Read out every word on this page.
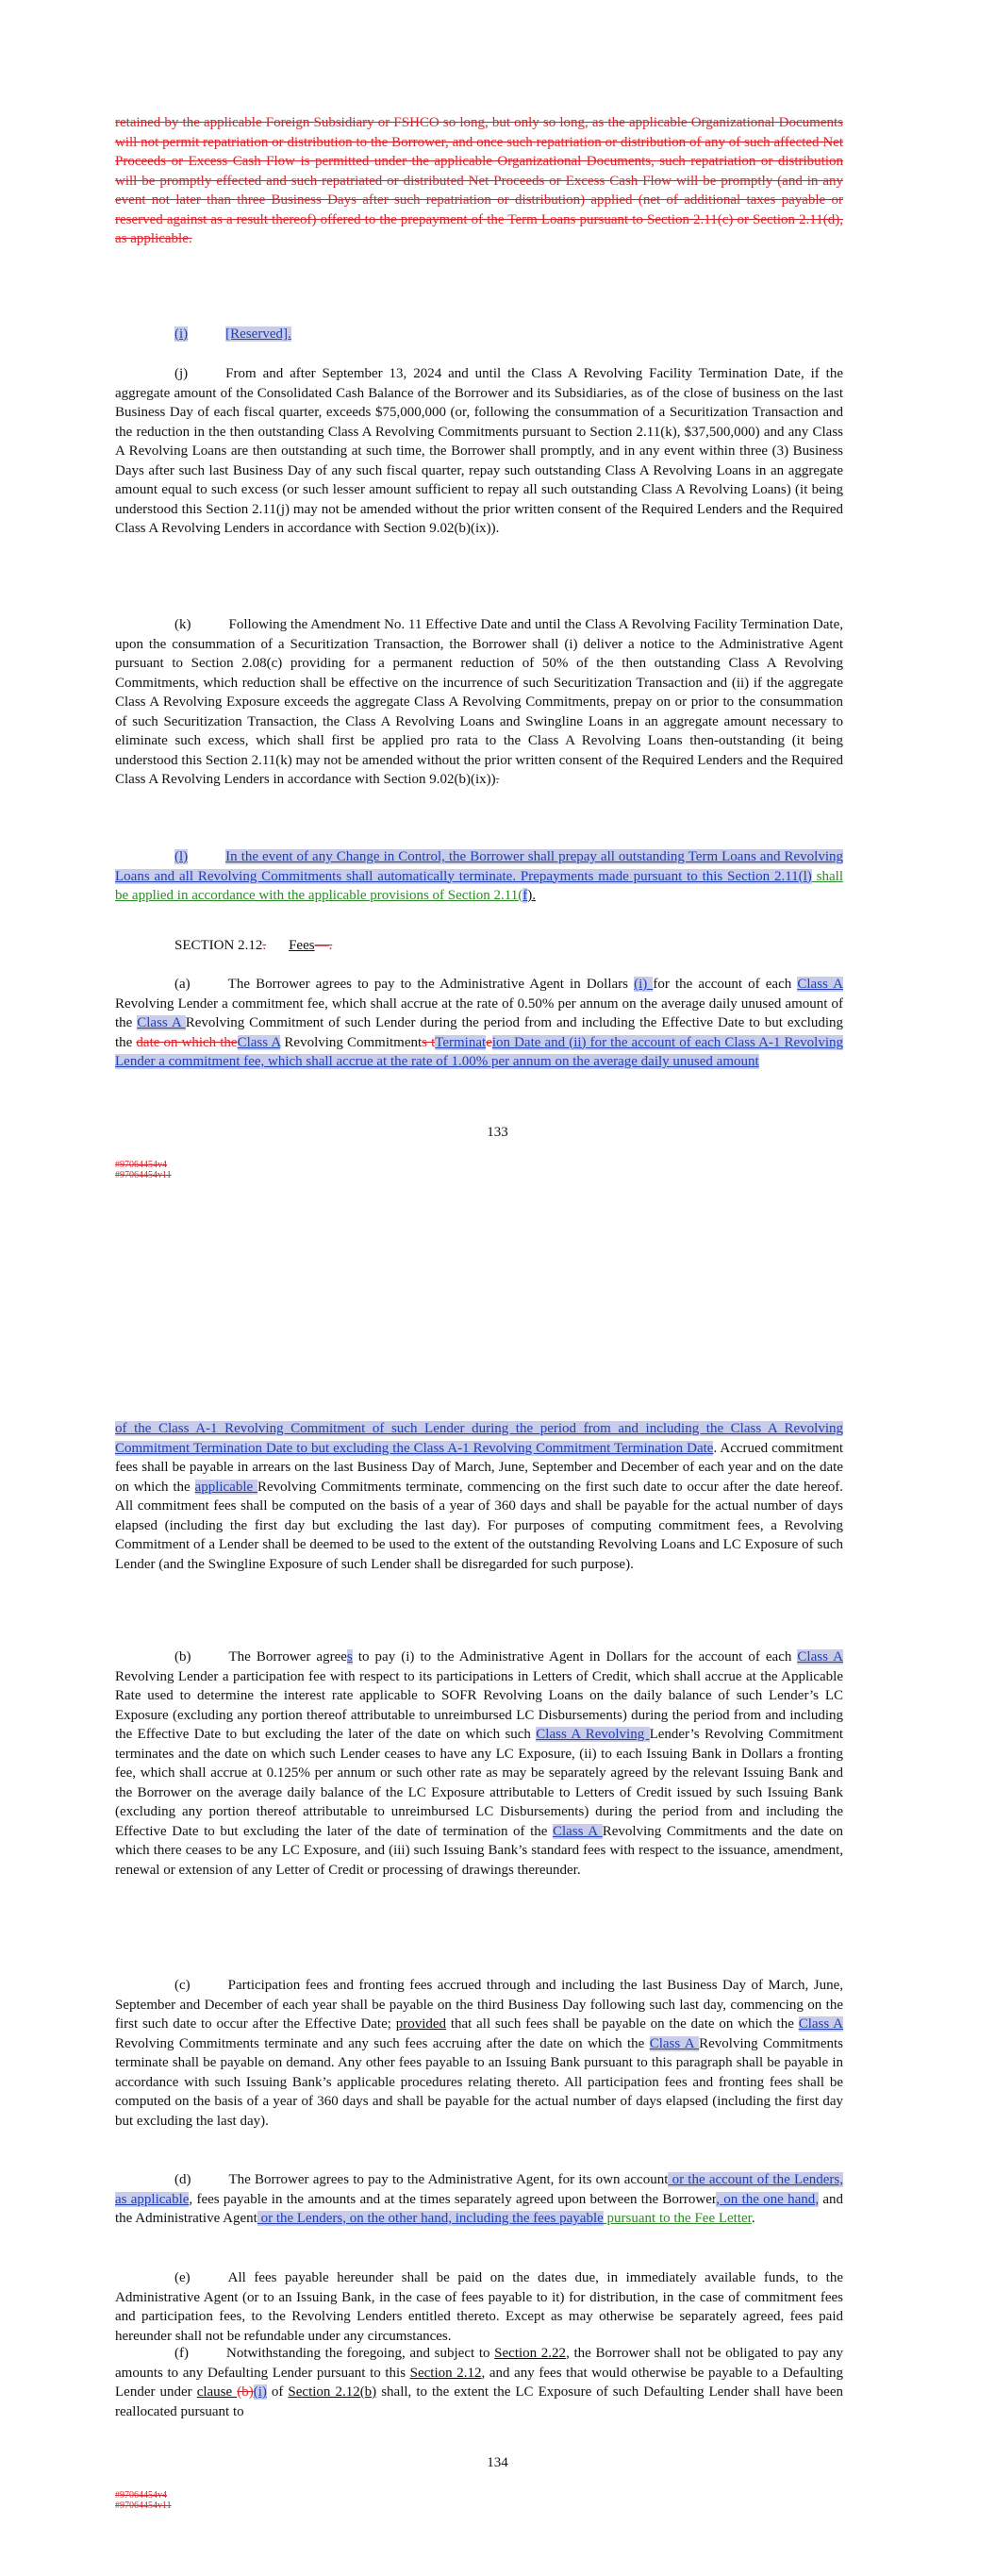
retained by the applicable Foreign Subsidiary or FSHCO so long, but only so long, as the applicable Organizational Documents will not permit repatriation or distribution to the Borrower, and once such repatriation or distribution of any of such affected Net Proceeds or Excess Cash Flow is permitted under the applicable Organizational Documents, such repatriation or distribution will be promptly effected and such repatriated or distributed Net Proceeds or Excess Cash Flow will be promptly (and in any event not later than three Business Days after such repatriation or distribution) applied (net of additional taxes payable or reserved against as a result thereof) offered to the prepayment of the Term Loans pursuant to Section 2.11(c) or Section 2.11(d), as applicable.
(i)	[Reserved].
(j)	From and after September 13, 2024 and until the Class A Revolving Facility Termination Date, if the aggregate amount of the Consolidated Cash Balance of the Borrower and its Subsidiaries, as of the close of business on the last Business Day of each fiscal quarter, exceeds $75,000,000 (or, following the consummation of a Securitization Transaction and the reduction in the then outstanding Class A Revolving Commitments pursuant to Section 2.11(k), $37,500,000) and any Class A Revolving Loans are then outstanding at such time, the Borrower shall promptly, and in any event within three (3) Business Days after such last Business Day of any such fiscal quarter, repay such outstanding Class A Revolving Loans in an aggregate amount equal to such excess (or such lesser amount sufficient to repay all such outstanding Class A Revolving Loans) (it being understood this Section 2.11(j) may not be amended without the prior written consent of the Required Lenders and the Required Class A Revolving Lenders in accordance with Section 9.02(b)(ix)).
(k)	Following the Amendment No. 11 Effective Date and until the Class A Revolving Facility Termination Date, upon the consummation of a Securitization Transaction, the Borrower shall (i) deliver a notice to the Administrative Agent pursuant to Section 2.08(c) providing for a permanent reduction of 50% of the then outstanding Class A Revolving Commitments, which reduction shall be effective on the incurrence of such Securitization Transaction and (ii) if the aggregate Class A Revolving Exposure exceeds the aggregate Class A Revolving Commitments, prepay on or prior to the consummation of such Securitization Transaction, the Class A Revolving Loans and Swingline Loans in an aggregate amount necessary to eliminate such excess, which shall first be applied pro rata to the Class A Revolving Loans then-outstanding (it being understood this Section 2.11(k) may not be amended without the prior written consent of the Required Lenders and the Required Class A Revolving Lenders in accordance with Section 9.02(b)(ix)).
(l)	In the event of any Change in Control, the Borrower shall prepay all outstanding Term Loans and Revolving Loans and all Revolving Commitments shall automatically terminate. Prepayments made pursuant to this Section 2.11(l) shall be applied in accordance with the applicable provisions of Section 2.11(f).
SECTION 2.12. Fees—.
(a)	The Borrower agrees to pay to the Administrative Agent in Dollars (i) for the account of each Class A Revolving Lender a commitment fee, which shall accrue at the rate of 0.50% per annum on the average daily unused amount of the Class A Revolving Commitment of such Lender during the period from and including the Effective Date to but excluding the date on which theClass A Revolving Commitments tTerminateion Date and (ii) for the account of each Class A-1 Revolving Lender a commitment fee, which shall accrue at the rate of 1.00% per annum on the average daily unused amount
133
#97064454v4
#97064454v11
of the Class A-1 Revolving Commitment of such Lender during the period from and including the Class A Revolving Commitment Termination Date to but excluding the Class A-1 Revolving Commitment Termination Date. Accrued commitment fees shall be payable in arrears on the last Business Day of March, June, September and December of each year and on the date on which the applicable Revolving Commitments terminate, commencing on the first such date to occur after the date hereof. All commitment fees shall be computed on the basis of a year of 360 days and shall be payable for the actual number of days elapsed (including the first day but excluding the last day). For purposes of computing commitment fees, a Revolving Commitment of a Lender shall be deemed to be used to the extent of the outstanding Revolving Loans and LC Exposure of such Lender (and the Swingline Exposure of such Lender shall be disregarded for such purpose).
(b)	The Borrower agrees to pay (i) to the Administrative Agent in Dollars for the account of each Class A Revolving Lender a participation fee with respect to its participations in Letters of Credit, which shall accrue at the Applicable Rate used to determine the interest rate applicable to SOFR Revolving Loans on the daily balance of such Lender’s LC Exposure (excluding any portion thereof attributable to unreimbursed LC Disbursements) during the period from and including the Effective Date to but excluding the later of the date on which such Class A Revolving Lender’s Revolving Commitment terminates and the date on which such Lender ceases to have any LC Exposure, (ii) to each Issuing Bank in Dollars a fronting fee, which shall accrue at 0.125% per annum or such other rate as may be separately agreed by the relevant Issuing Bank and the Borrower on the average daily balance of the LC Exposure attributable to Letters of Credit issued by such Issuing Bank (excluding any portion thereof attributable to unreimbursed LC Disbursements) during the period from and including the Effective Date to but excluding the later of the date of termination of the Class A Revolving Commitments and the date on which there ceases to be any LC Exposure, and (iii) such Issuing Bank’s standard fees with respect to the issuance, amendment, renewal or extension of any Letter of Credit or processing of drawings thereunder.
(c)	Participation fees and fronting fees accrued through and including the last Business Day of March, June, September and December of each year shall be payable on the third Business Day following such last day, commencing on the first such date to occur after the Effective Date; provided that all such fees shall be payable on the date on which the Class A Revolving Commitments terminate and any such fees accruing after the date on which the Class A Revolving Commitments terminate shall be payable on demand. Any other fees payable to an Issuing Bank pursuant to this paragraph shall be payable in accordance with such Issuing Bank’s applicable procedures relating thereto. All participation fees and fronting fees shall be computed on the basis of a year of 360 days and shall be payable for the actual number of days elapsed (including the first day but excluding the last day).
(d)	The Borrower agrees to pay to the Administrative Agent, for its own account or the account of the Lenders, as applicable, fees payable in the amounts and at the times separately agreed upon between the Borrower, on the one hand, and the Administrative Agent or the Lenders, on the other hand, including the fees payable pursuant to the Fee Letter.
(e)	All fees payable hereunder shall be paid on the dates due, in immediately available funds, to the Administrative Agent (or to an Issuing Bank, in the case of fees payable to it) for distribution, in the case of commitment fees and participation fees, to the Revolving Lenders entitled thereto. Except as may otherwise be separately agreed, fees paid hereunder shall not be refundable under any circumstances.
(f)	Notwithstanding the foregoing, and subject to Section 2.22, the Borrower shall not be obligated to pay any amounts to any Defaulting Lender pursuant to this Section 2.12, and any fees that would otherwise be payable to a Defaulting Lender under clause (b)(i) of Section 2.12(b) shall, to the extent the LC Exposure of such Defaulting Lender shall have been reallocated pursuant to
134
#97064454v4
#97064454v11
